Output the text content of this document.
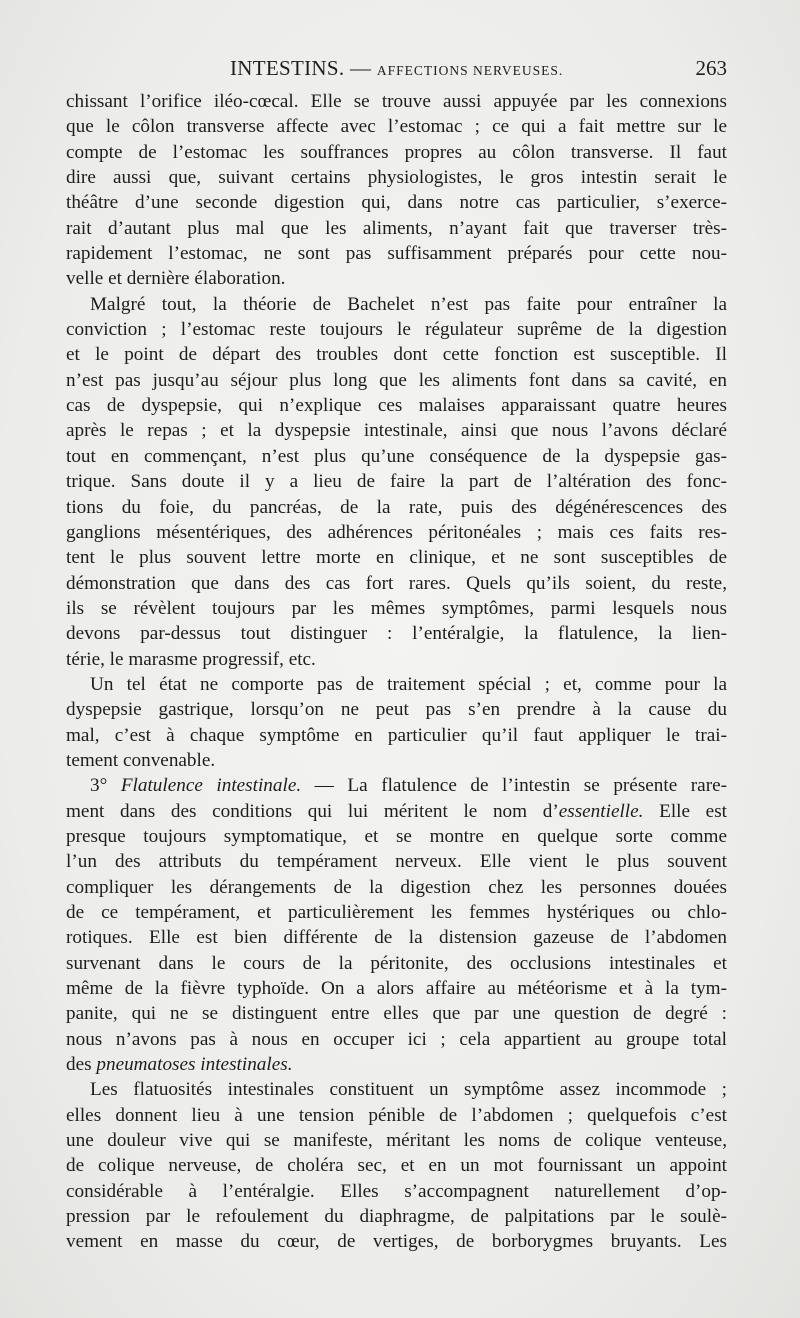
INTESTINS. — AFFECTIONS NERVEUSES.	263
chissant l’orifice iléo-cœcal. Elle se trouve aussi appuyée par les connexions
que le côlon transverse affecte avec l’estomac ; ce qui a fait mettre sur le
compte de l’estomac les souffrances propres au côlon transverse. Il faut
dire aussi que, suivant certains physiologistes, le gros intestin serait le
théâtre d’une seconde digestion qui, dans notre cas particulier, s’exerce-
rait d’autant plus mal que les aliments, n’ayant fait que traverser très-
rapidement l’estomac, ne sont pas suffisamment préparés pour cette nou-
velle et dernière élaboration.
Malgré tout, la théorie de Bachelet n’est pas faite pour entraîner la
conviction ; l’estomac reste toujours le régulateur suprême de la digestion
et le point de départ des troubles dont cette fonction est susceptible. Il
n’est pas jusqu’au séjour plus long que les aliments font dans sa cavité, en
cas de dyspepsie, qui n’explique ces malaises apparaissant quatre heures
après le repas ; et la dyspepsie intestinale, ainsi que nous l’avons déclaré
tout en commençant, n’est plus qu’une conséquence de la dyspepsie gas-
trique. Sans doute il y a lieu de faire la part de l’altération des fonc-
tions du foie, du pancréas, de la rate, puis des dégénérescences des
ganglions mésentériques, des adhérences péritonéales ; mais ces faits res-
tent le plus souvent lettre morte en clinique, et ne sont susceptibles de
démonstration que dans des cas fort rares. Quels qu’ils soient, du reste,
ils se révèlent toujours par les mêmes symptômes, parmi lesquels nous
devons par-dessus tout distinguer : l’entéralgie, la flatulence, la lien-
térie, le marasme progressif, etc.
Un tel état ne comporte pas de traitement spécial ; et, comme pour la
dyspepsie gastrique, lorsqu’on ne peut pas s’en prendre à la cause du
mal, c’est à chaque symptôme en particulier qu’il faut appliquer le trai-
tement convenable.
3° Flatulence intestinale. — La flatulence de l’intestin se présente rare-
ment dans des conditions qui lui méritent le nom d’essentielle. Elle est
presque toujours symptomatique, et se montre en quelque sorte comme
l’un des attributs du tempérament nerveux. Elle vient le plus souvent
compliquer les dérangements de la digestion chez les personnes douées
de ce tempérament, et particulièrement les femmes hystériques ou chlo-
rotiques. Elle est bien différente de la distension gazeuse de l’abdomen
survenant dans le cours de la péritonite, des occlusions intestinales et
même de la fièvre typhoïde. On a alors affaire au météorisme et à la tym-
panite, qui ne se distinguent entre elles que par une question de degré :
nous n’avons pas à nous en occuper ici ; cela appartient au groupe total
des pneumatoses intestinales.
Les flatuosités intestinales constituent un symptôme assez incommode ;
elles donnent lieu à une tension pénible de l’abdomen ; quelquefois c’est
une douleur vive qui se manifeste, méritant les noms de colique venteuse,
de colique nerveuse, de choléra sec, et en un mot fournissant un appoint
considérable à l’entéralgie. Elles s’accompagnent naturellement d’op-
pression par le refoulement du diaphragme, de palpitations par le soulè-
vement en masse du cœur, de vertiges, de borborygmes bruyants. Les
